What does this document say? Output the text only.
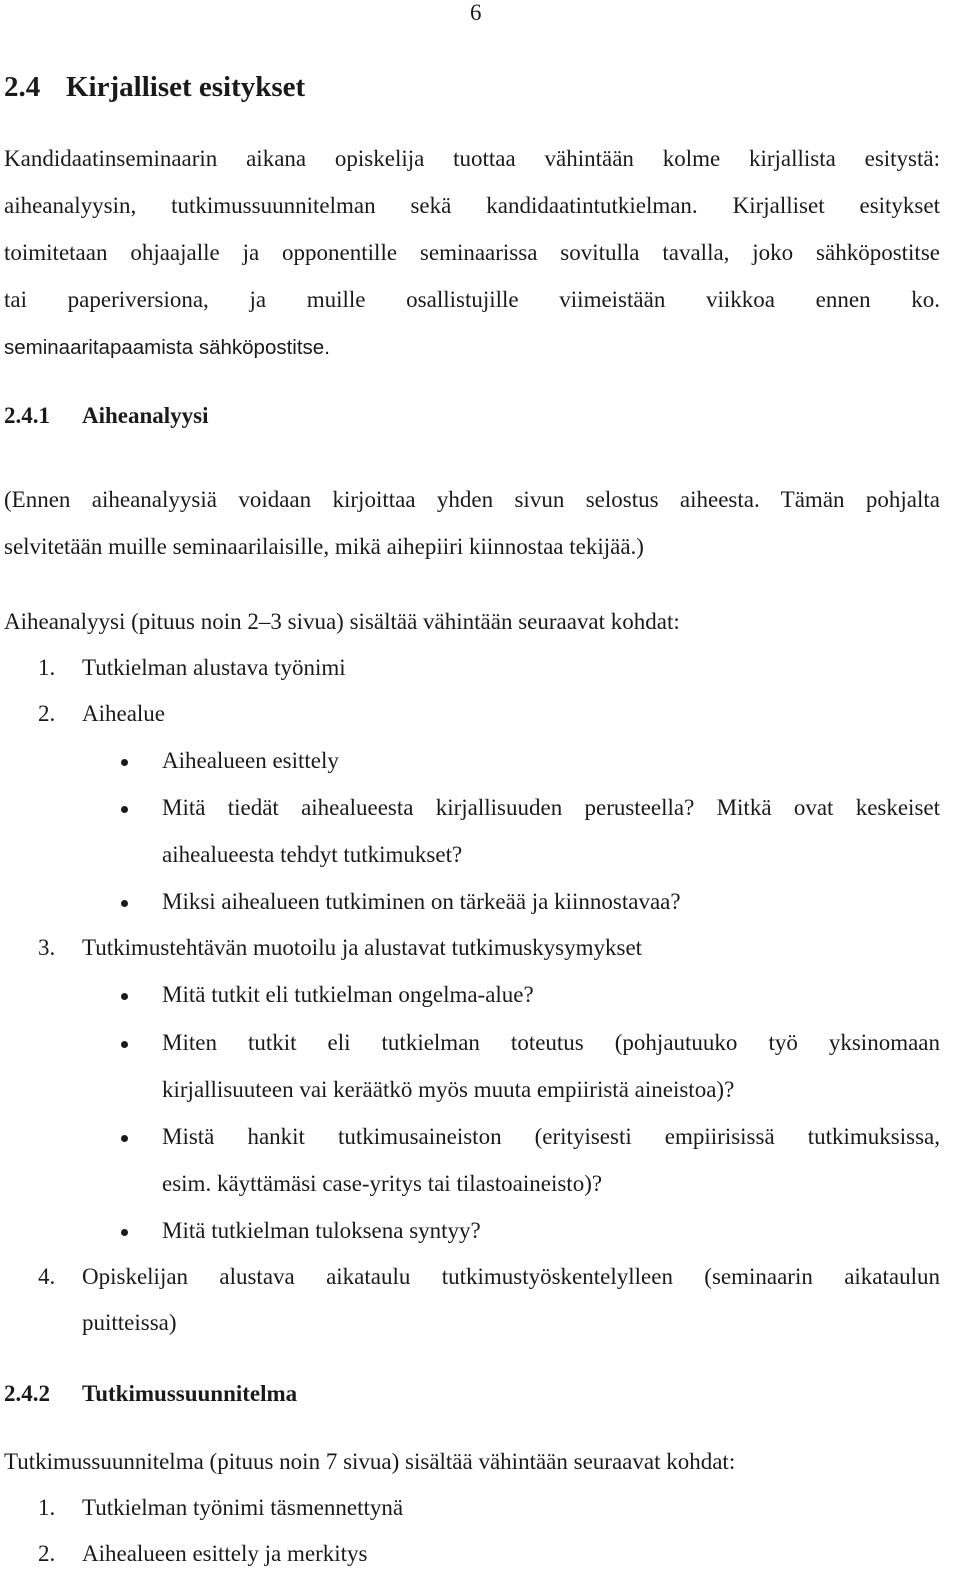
6
2.4 Kirjalliset esitykset
Kandidaatinseminaarin aikana opiskelija tuottaa vähintään kolme kirjallista esitystä:
aiheanalyysin, tutkimussuunnitelman sekä kandidaatintutkielman. Kirjalliset esitykset
toimitetaan ohjaajalle ja opponentille seminaarissa sovitulla tavalla, joko sähköpostitse
tai paperiversiona, ja muille osallistujille viimeistään viikkoa ennen ko.
seminaaritapaamista sähköpostitse.
2.4.1 Aiheanalyysi
(Ennen aiheanalyysiä voidaan kirjoittaa yhden sivun selostus aiheesta. Tämän pohjalta
selvitetään muille seminaarilaisille, mikä aihepiiri kiinnostaa tekijää.)
Aiheanalyysi (pituus noin 2–3 sivua) sisältää vähintään seuraavat kohdat:
1. Tutkielman alustava työnimi
2. Aihealue
Aihealueen esittely
Mitä tiedät aihealueesta kirjallisuuden perusteella? Mitkä ovat keskeiset
aihealueesta tehdyt tutkimukset?
Miksi aihealueen tutkiminen on tärkeää ja kiinnostavaa?
3. Tutkimustehtävän muotoilu ja alustavat tutkimuskysymykset
Mitä tutkit eli tutkielman ongelma-alue?
Miten tutkit eli tutkielman toteutus (pohjautuuko työ yksinomaan
kirjallisuuteen vai keräätkö myös muuta empiiristä aineistoa)?
Mistä hankit tutkimusaineiston (erityisesti empiirisissä tutkimuksissa,
esim. käyttämäsi case-yritys tai tilastoaineisto)?
Mitä tutkielman tuloksena syntyy?
4. Opiskelijan alustava aikataulu tutkimustyöskentelylleen (seminaarin aikataulun
puitteissa)
2.4.2 Tutkimussuunnitelma
Tutkimussuunnitelma (pituus noin 7 sivua) sisältää vähintään seuraavat kohdat:
1. Tutkielman työnimi täsmennettynä
2. Aihealueen esittely ja merkitys
